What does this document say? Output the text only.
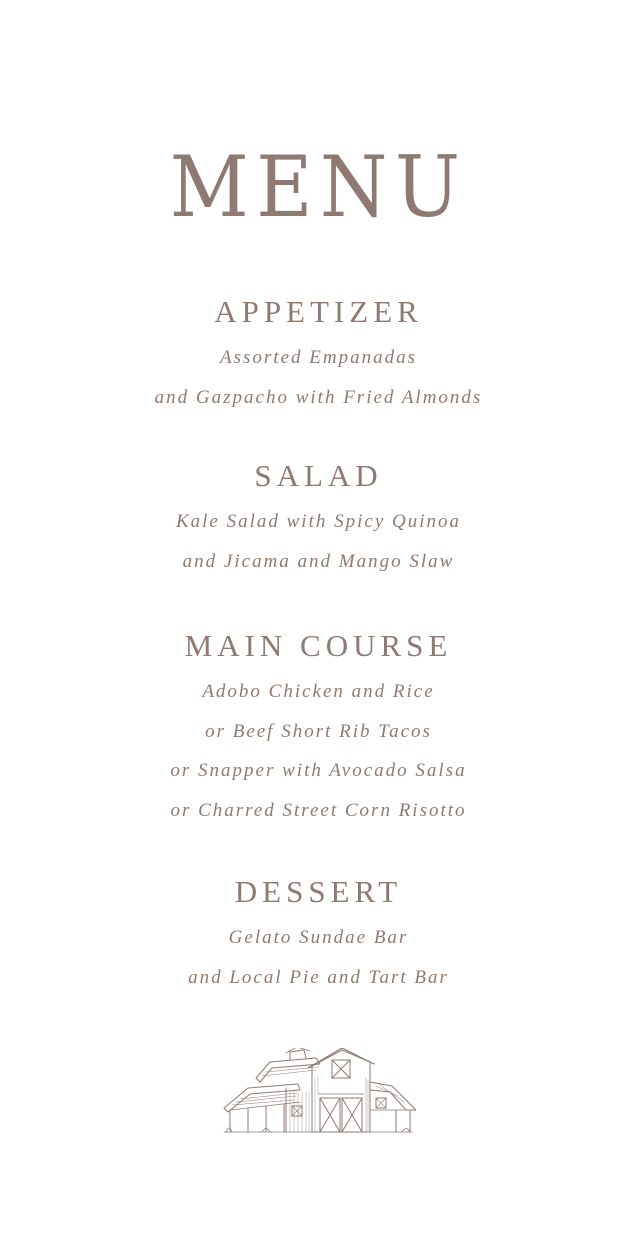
MENU
APPETIZER
Assorted Empanadas
and Gazpacho with Fried Almonds
SALAD
Kale Salad with Spicy Quinoa
and Jicama and Mango Slaw
MAIN COURSE
Adobo Chicken and Rice
or Beef Short Rib Tacos
or Snapper with Avocado Salsa
or Charred Street Corn Risotto
DESSERT
Gelato Sundae Bar
and Local Pie and Tart Bar
